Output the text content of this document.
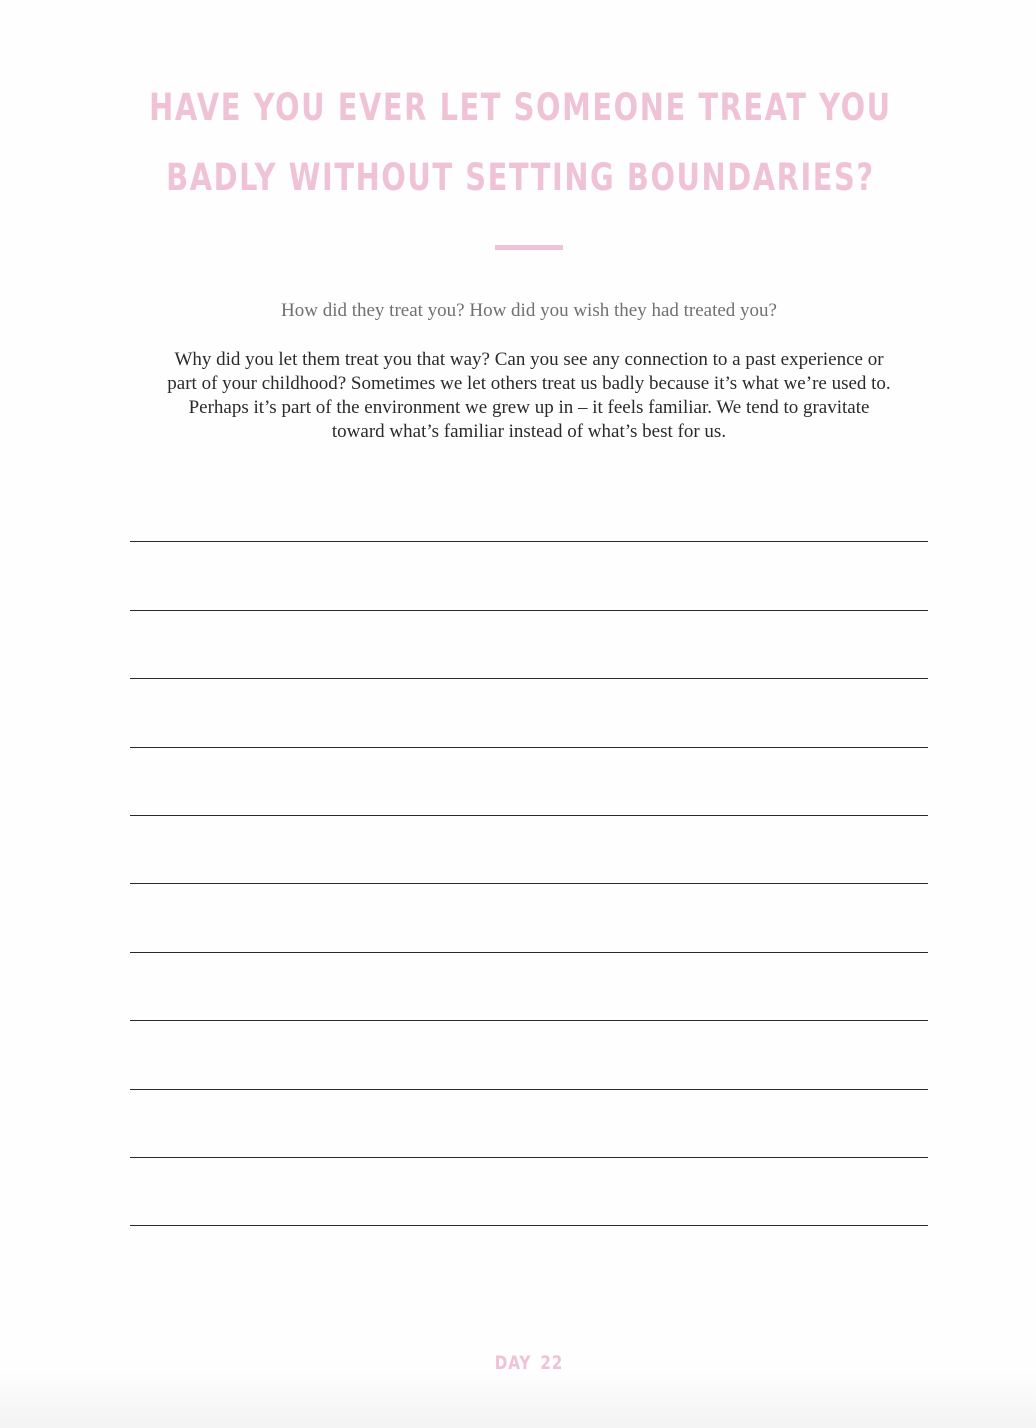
HAVE YOU EVER LET SOMEONE TREAT YOU
BADLY WITHOUT SETTING BOUNDARIES?
How did they treat you? How did you wish they had treated you?
Why did you let them treat you that way? Can you see any connection to a past experience or
part of your childhood? Sometimes we let others treat us badly because it’s what we’re used to.
Perhaps it’s part of the environment we grew up in – it feels familiar. We tend to gravitate
toward what’s familiar instead of what’s best for us.
DAY 22
